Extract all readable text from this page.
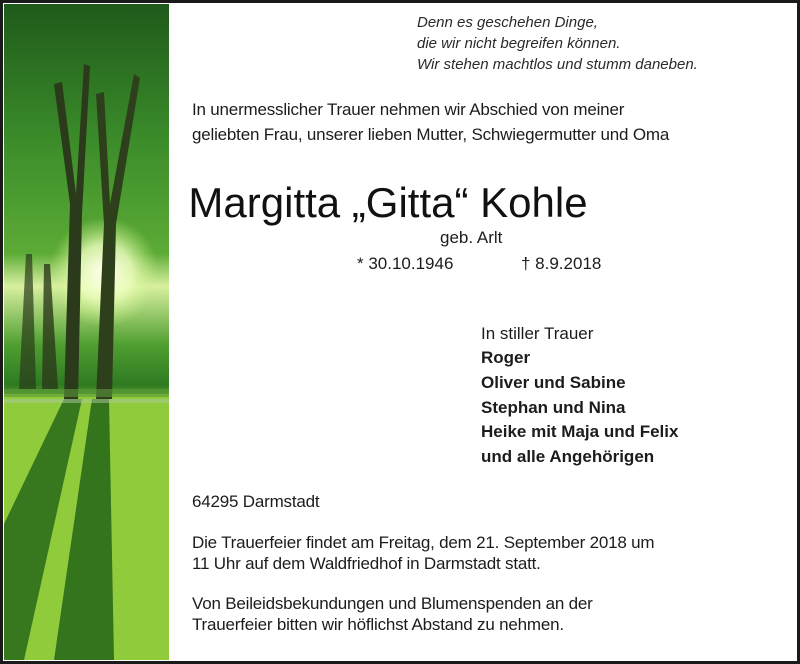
Denn es geschehen Dinge,
die wir nicht begreifen können.
Wir stehen machtlos und stumm daneben.
In unermesslicher Trauer nehmen wir Abschied von meiner
geliebten Frau, unserer lieben Mutter, Schwiegermutter und Oma
Margitta „Gitta“ Kohle
geb. Arlt
* 30.10.1946	† 8.9.2018
In stiller Trauer
Roger
Oliver und Sabine
Stephan und Nina
Heike mit Maja und Felix
und alle Angehörigen
64295 Darmstadt
Die Trauerfeier findet am Freitag, dem 21. September 2018 um
11 Uhr auf dem Waldfriedhof in Darmstadt statt.
Von Beileidsbekundungen und Blumenspenden an der
Trauerfeier bitten wir höflichst Abstand zu nehmen.
